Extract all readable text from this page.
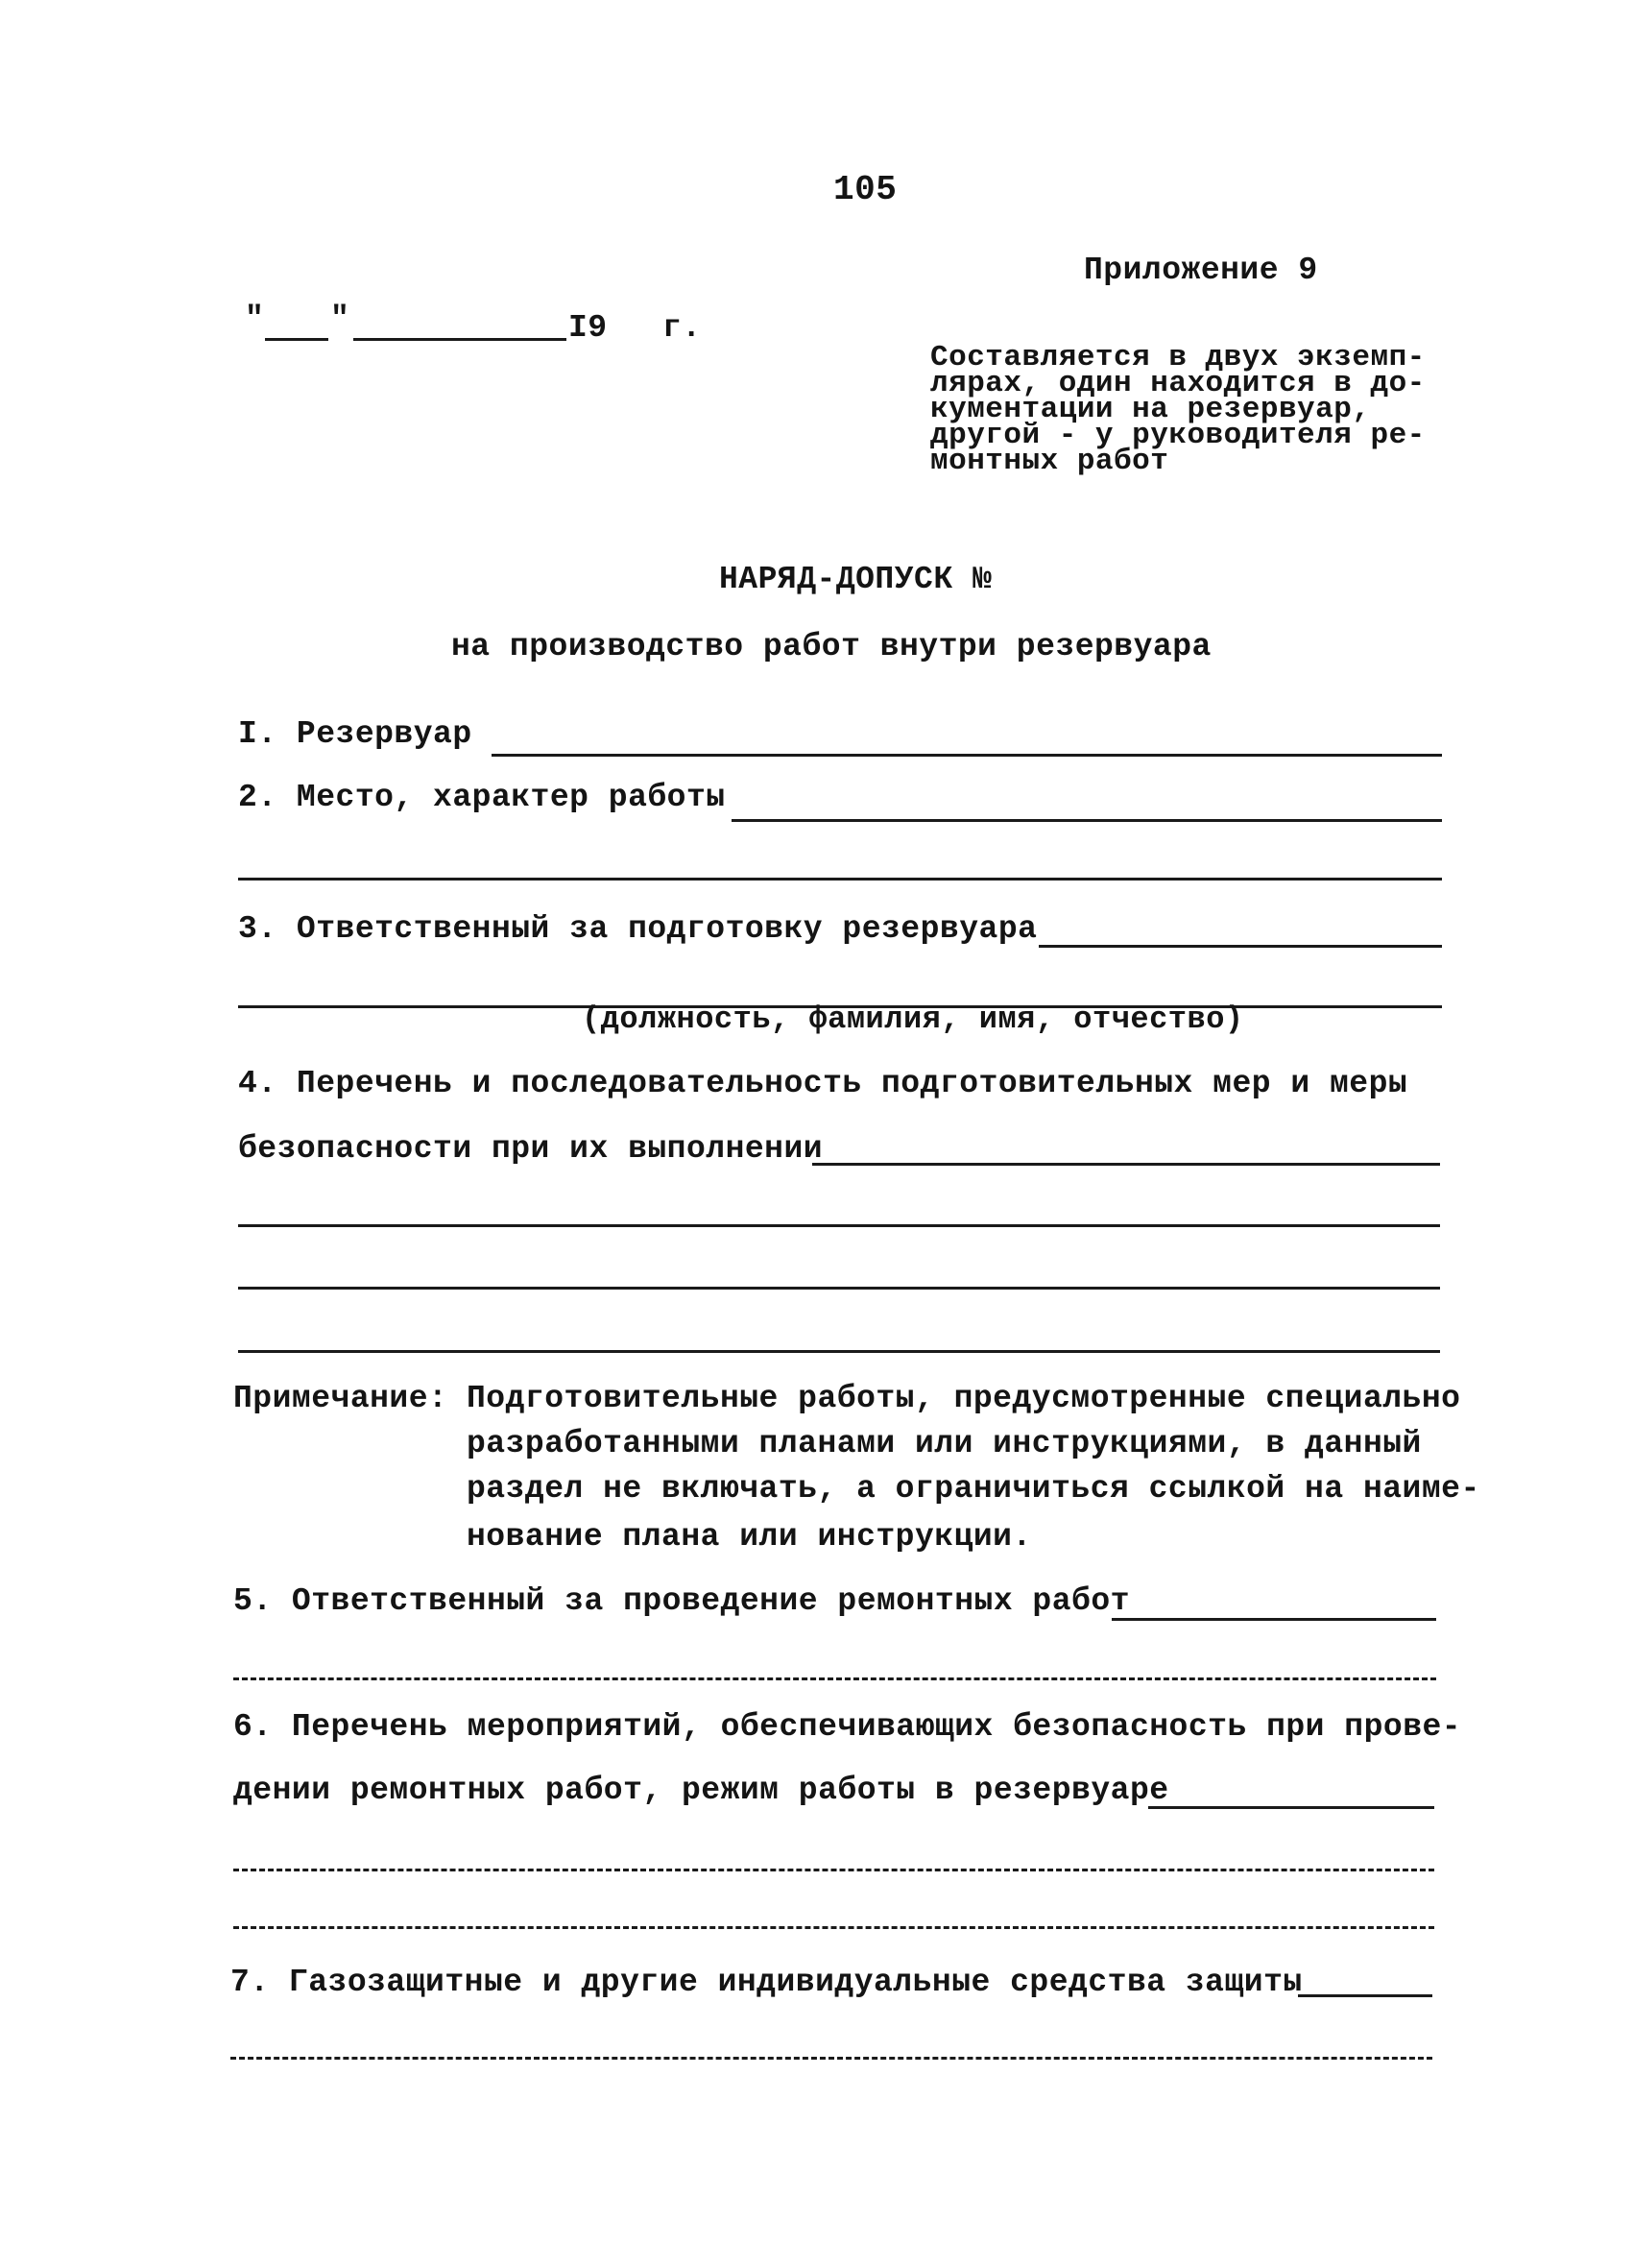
105
Приложение 9
" "	I9 г.
Составляется в двух экземп-
лярах, один находится в до-
кументации на резервуар,
другой - у руководителя ре-
монтных работ
НАРЯД-ДОПУСК №
на производство работ внутри резервуара
I. Резервуар
2. Место, характер работы
3. Ответственный за подготовку резервуара
(должность, фамилия, имя, отчество)
4. Перечень и последовательность подготовительных мер и меры
безопасности при их выполнении
Примечание: Подготовительные работы, предусмотренные специально
разработанными планами или инструкциями, в данный
раздел не включать, а ограничиться ссылкой на наиме-
нование плана или инструкции.
5. Ответственный за проведение ремонтных работ
6. Перечень мероприятий, обеспечивающих безопасность при прове-
дении ремонтных работ, режим работы в резервуаре
7. Газозащитные и другие индивидуальные средства защиты
